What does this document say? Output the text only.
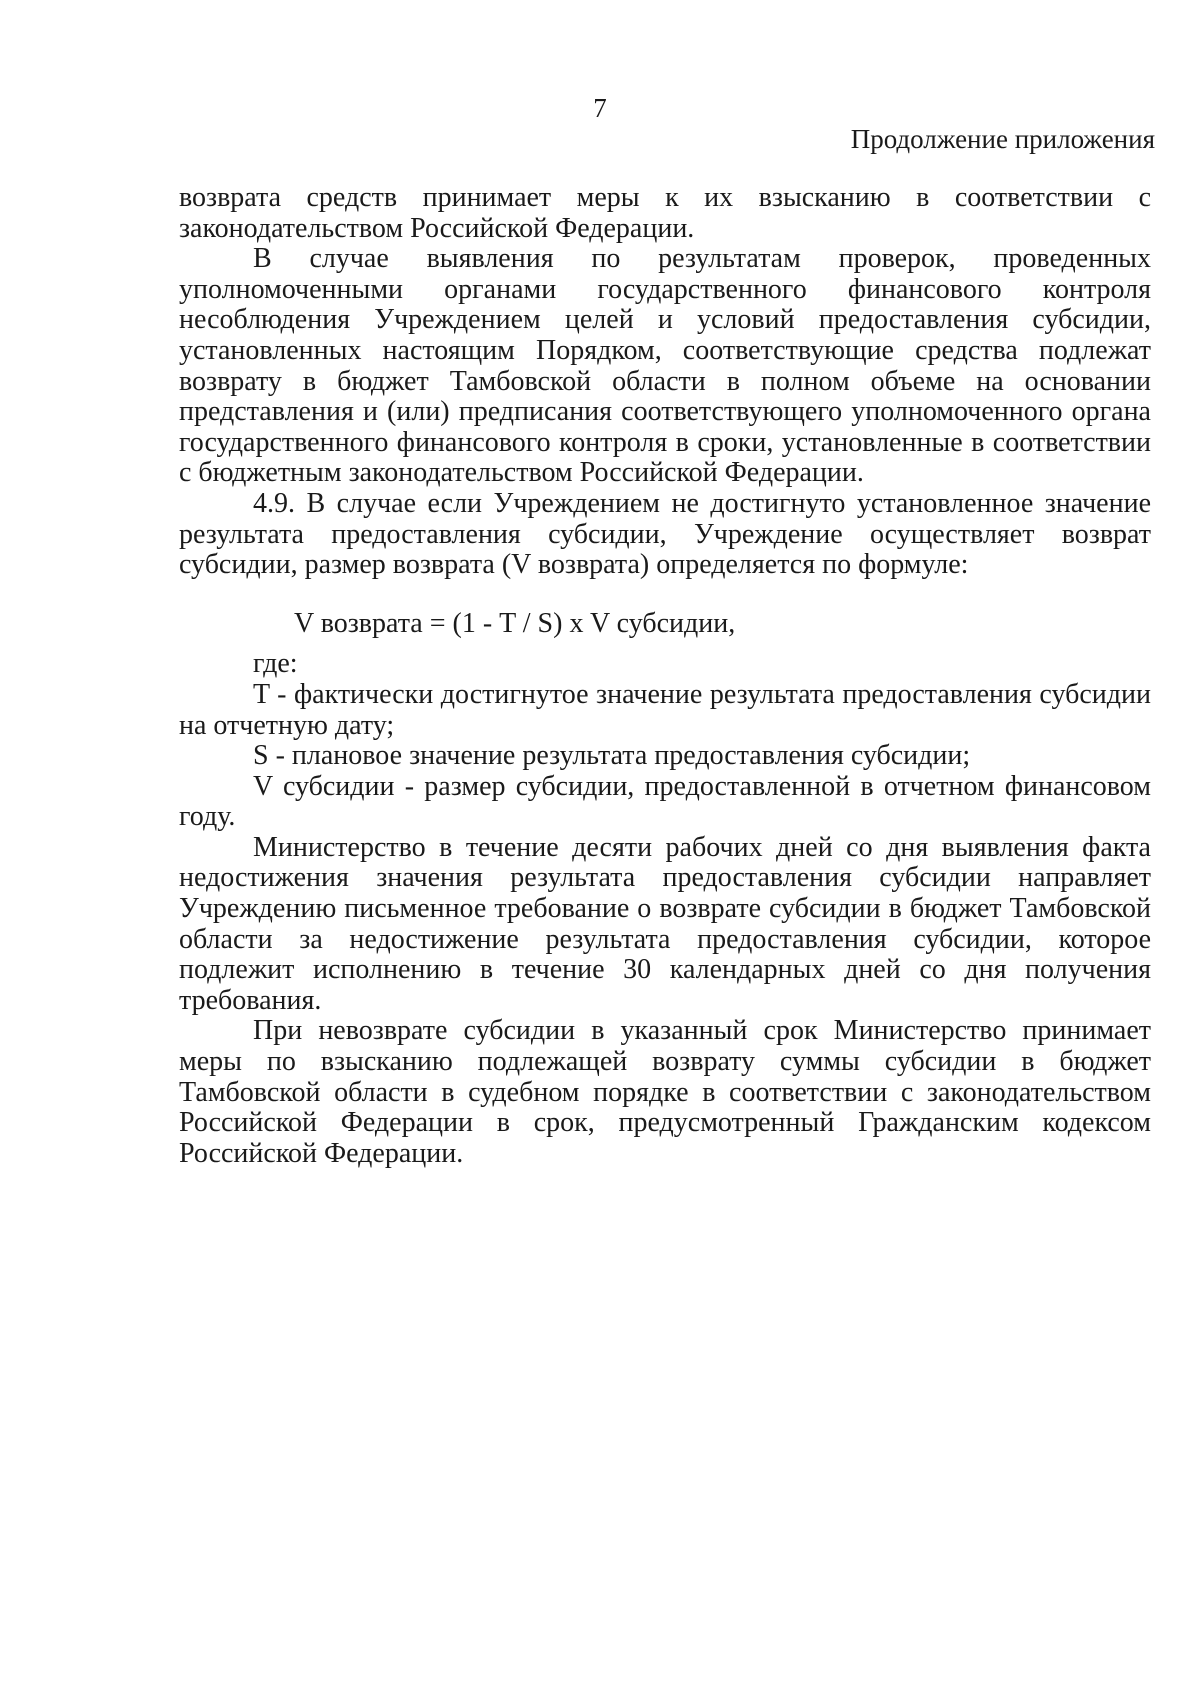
7
Продолжение приложения

возврата средств принимает меры к их взысканию в соответствии с законодательством Российской Федерации.

В случае выявления по результатам проверок, проведенных уполномоченными органами государственного финансового контроля несоблюдения Учреждением целей и условий предоставления субсидии, установленных настоящим Порядком, соответствующие средства подлежат возврату в бюджет Тамбовской области в полном объеме на основании представления и (или) предписания соответствующего уполномоченного органа государственного финансового контроля в сроки, установленные в соответствии с бюджетным законодательством Российской Федерации.

4.9. В случае если Учреждением не достигнуто установленное значение результата предоставления субсидии, Учреждение осуществляет возврат субсидии, размер возврата (V возврата) определяется по формуле:

V возврата = (1 - T / S) x V субсидии,

где:

T - фактически достигнутое значение результата предоставления субсидии на отчетную дату;

S - плановое значение результата предоставления субсидии;

V субсидии - размер субсидии, предоставленной в отчетном финансовом году.

Министерство в течение десяти рабочих дней со дня выявления факта недостижения значения результата предоставления субсидии направляет Учреждению письменное требование о возврате субсидии в бюджет Тамбовской области за недостижение результата предоставления субсидии, которое подлежит исполнению в течение 30 календарных дней со дня получения требования.

При невозврате субсидии в указанный срок Министерство принимает меры по взысканию подлежащей возврату суммы субсидии в бюджет Тамбовской области в судебном порядке в соответствии с законодательством Российской Федерации в срок, предусмотренный Гражданским кодексом Российской Федерации.
